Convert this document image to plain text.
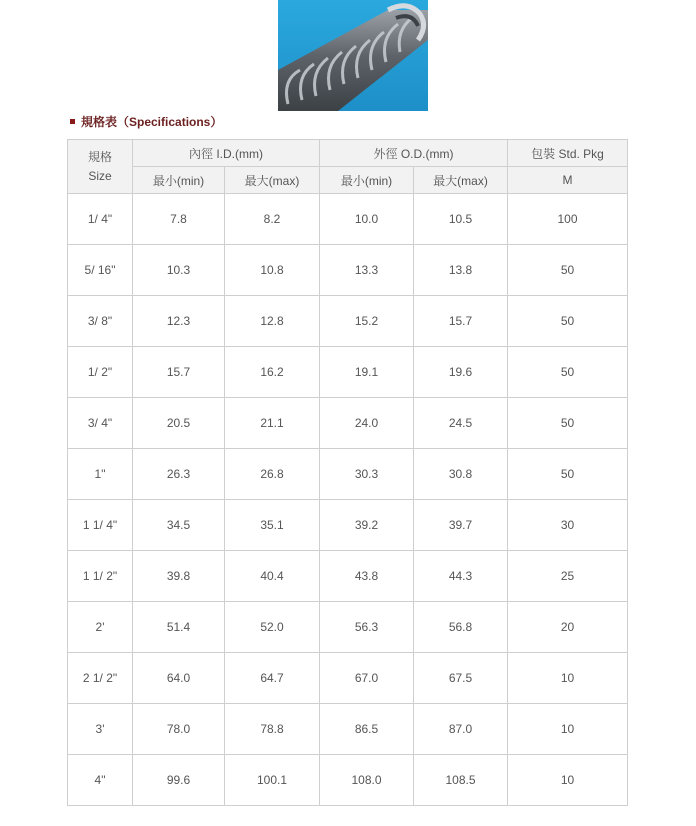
規格表（Specifications）
規格
Size	內徑 I.D.(mm)		外徑 O.D.(mm)		包裝 Std. Pkg
	最小(min)	最大(max)	最小(min)	最大(max)	M
1/ 4"	7.8	8.2	10.0	10.5	100
5/ 16"	10.3	10.8	13.3	13.8	50
3/ 8"	12.3	12.8	15.2	15.7	50
1/ 2"	15.7	16.2	19.1	19.6	50
3/ 4"	20.5	21.1	24.0	24.5	50
1"	26.3	26.8	30.3	30.8	50
1 1/ 4"	34.5	35.1	39.2	39.7	30
1 1/ 2"	39.8	40.4	43.8	44.3	25
2'	51.4	52.0	56.3	56.8	20
2 1/ 2"	64.0	64.7	67.0	67.5	10
3'	78.0	78.8	86.5	87.0	10
4"	99.6	100.1	108.0	108.5	10
